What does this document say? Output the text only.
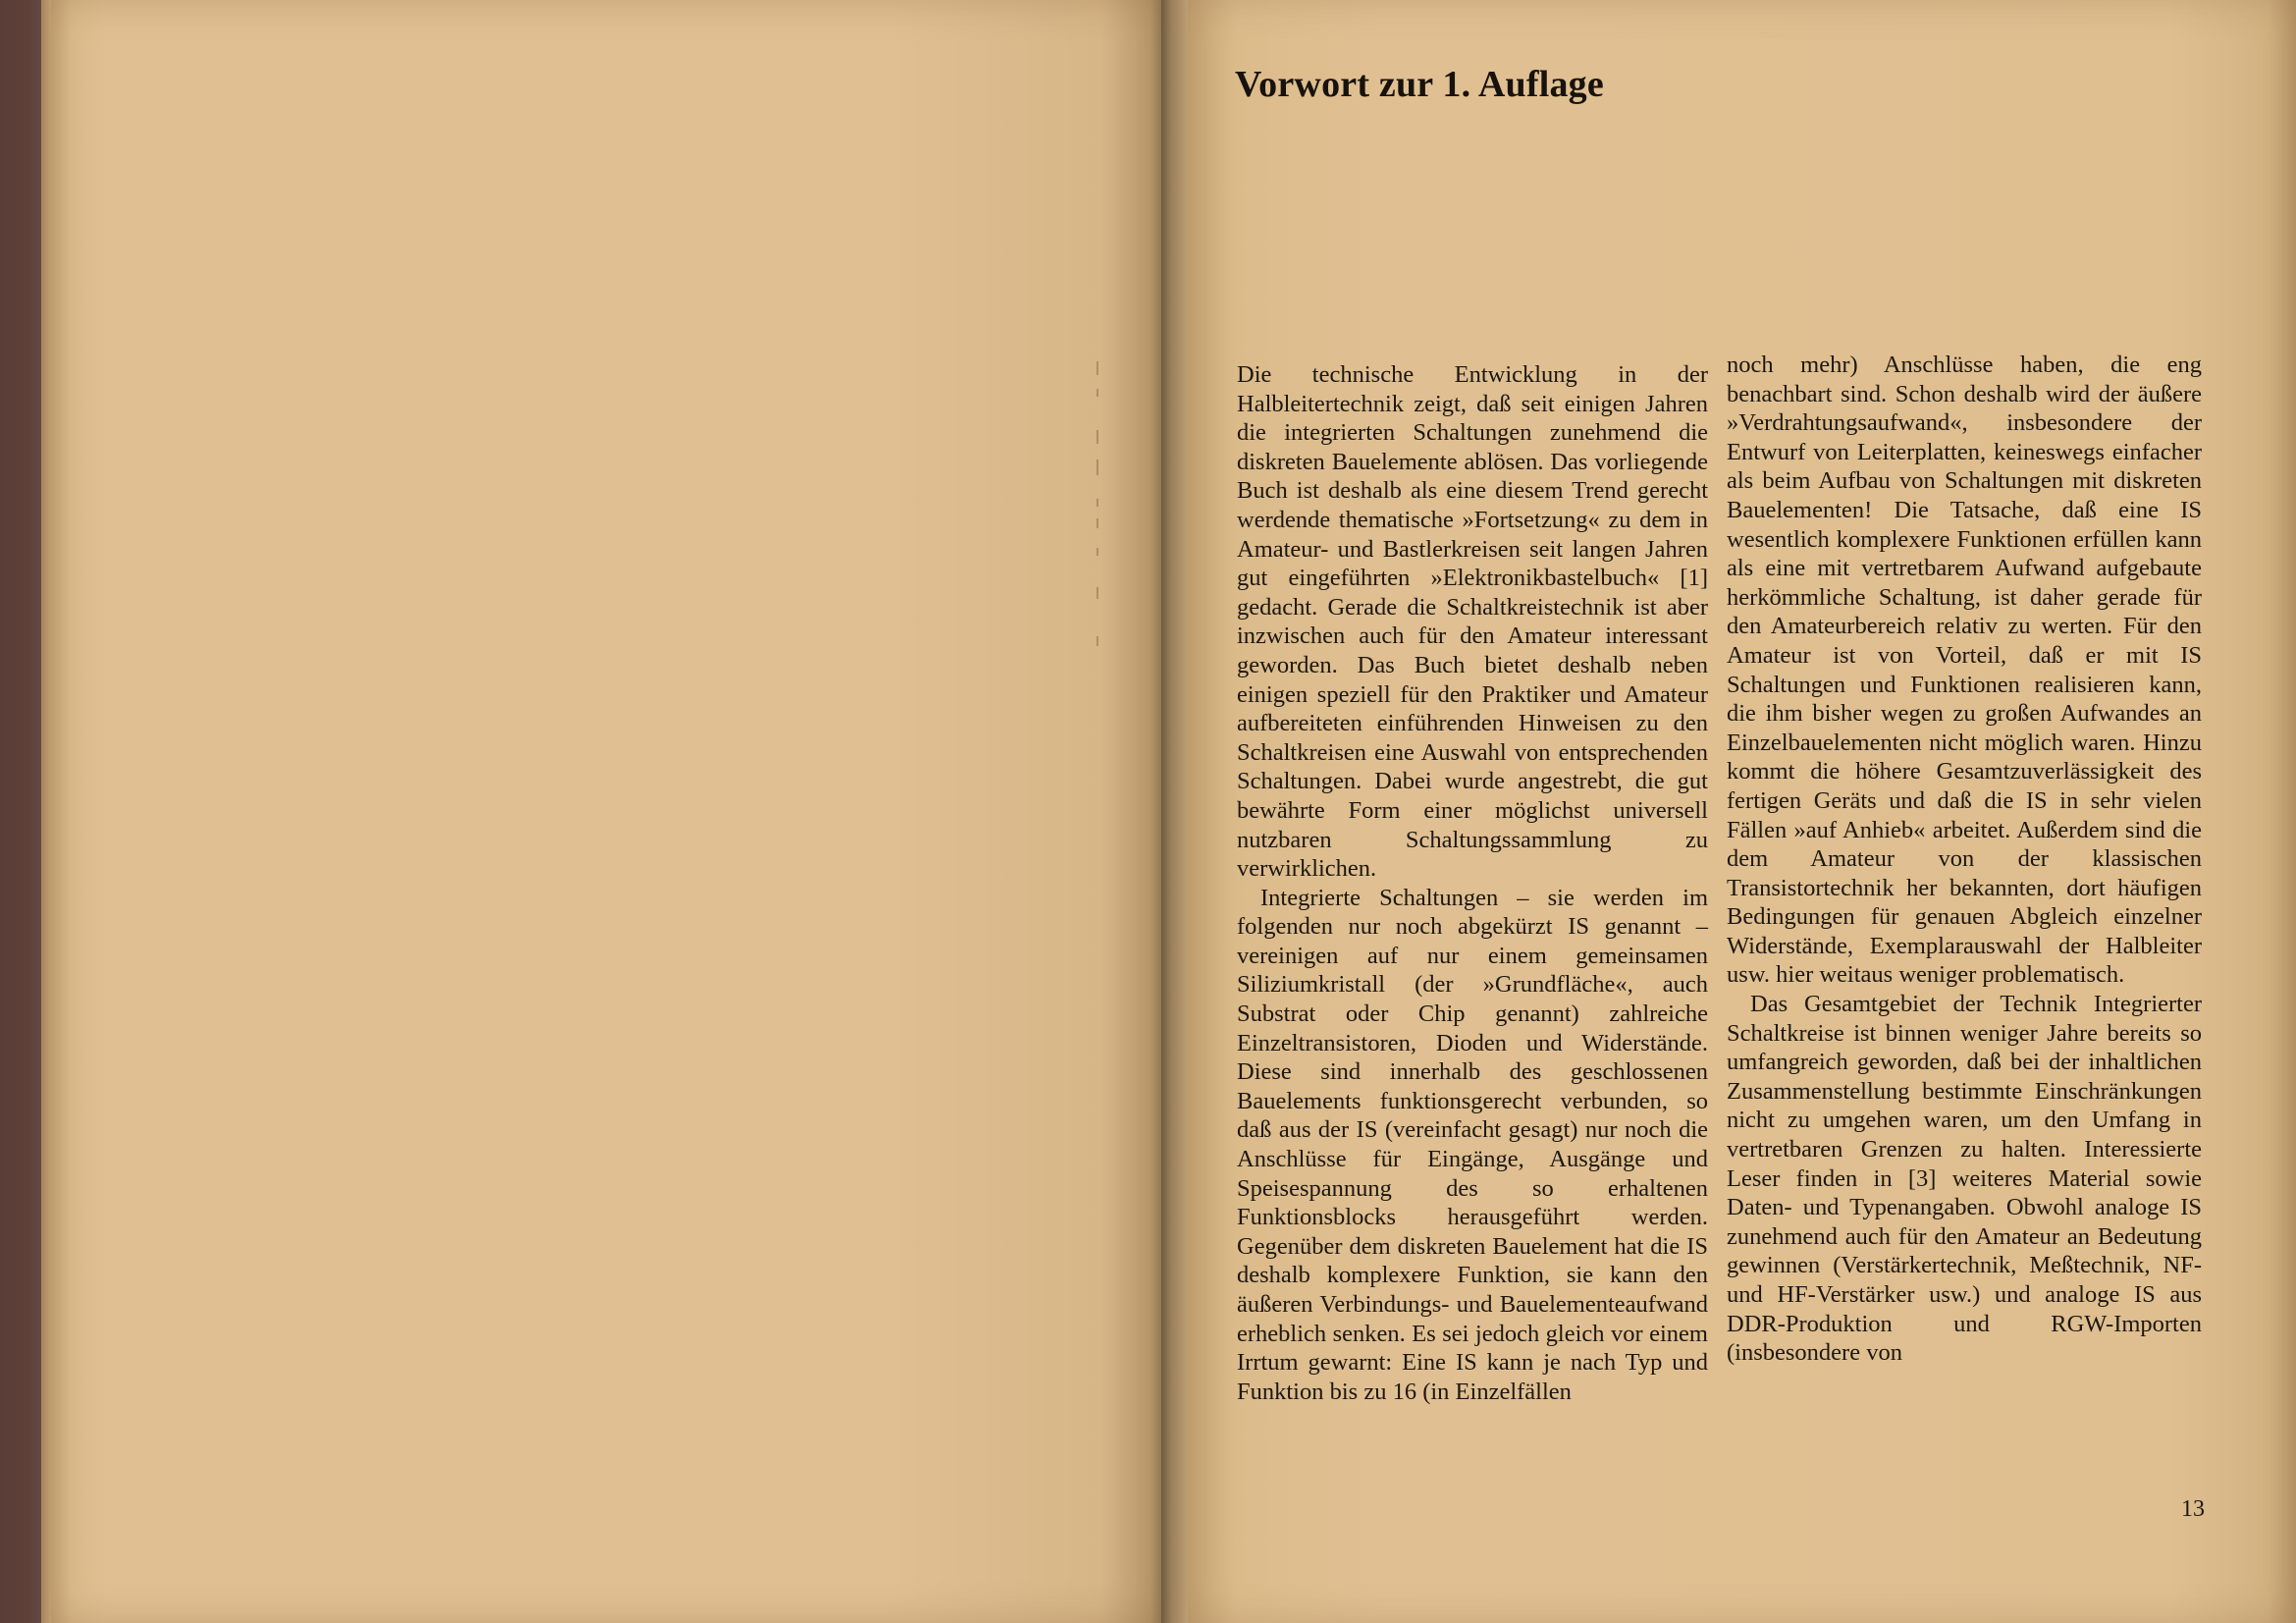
Vorwort zur 1. Auflage

Die technische Entwicklung in der Halbleitertechnik zeigt, daß seit einigen Jahren die integrierten Schaltungen zunehmend die diskreten Bauelemente ablösen. Das vorliegende Buch ist deshalb als eine diesem Trend gerecht werdende thematische »Fortsetzung« zu dem in Amateur- und Bastlerkreisen seit langen Jahren gut eingeführten »Elektronikbastelbuch« [1] gedacht. Gerade die Schaltkreistechnik ist aber inzwischen auch für den Amateur interessant geworden. Das Buch bietet deshalb neben einigen speziell für den Praktiker und Amateur aufbereiteten einführenden Hinweisen zu den Schaltkreisen eine Auswahl von entsprechenden Schaltungen. Dabei wurde angestrebt, die gut bewährte Form einer möglichst universell nutzbaren Schaltungssammlung zu verwirklichen.

Integrierte Schaltungen – sie werden im folgenden nur noch abgekürzt IS genannt – vereinigen auf nur einem gemeinsamen Siliziumkristall (der »Grundfläche«, auch Substrat oder Chip genannt) zahlreiche Einzeltransistoren, Dioden und Widerstände. Diese sind innerhalb des geschlossenen Bauelements funktionsgerecht verbunden, so daß aus der IS (vereinfacht gesagt) nur noch die Anschlüsse für Eingänge, Ausgänge und Speisespannung des so erhaltenen Funktionsblocks herausgeführt werden. Gegenüber dem diskreten Bauelement hat die IS deshalb komplexere Funktion, sie kann den äußeren Verbindungs- und Bauelementeaufwand erheblich senken. Es sei jedoch gleich vor einem Irrtum gewarnt: Eine IS kann je nach Typ und Funktion bis zu 16 (in Einzelfällen

noch mehr) Anschlüsse haben, die eng benachbart sind. Schon deshalb wird der äußere »Verdrahtungsaufwand«, insbesondere der Entwurf von Leiterplatten, keineswegs einfacher als beim Aufbau von Schaltungen mit diskreten Bauelementen! Die Tatsache, daß eine IS wesentlich komplexere Funktionen erfüllen kann als eine mit vertretbarem Aufwand aufgebaute herkömmliche Schaltung, ist daher gerade für den Amateurbereich relativ zu werten. Für den Amateur ist von Vorteil, daß er mit IS Schaltungen und Funktionen realisieren kann, die ihm bisher wegen zu großen Aufwandes an Einzelbauelementen nicht möglich waren. Hinzu kommt die höhere Gesamtzuverlässigkeit des fertigen Geräts und daß die IS in sehr vielen Fällen »auf Anhieb« arbeitet. Außerdem sind die dem Amateur von der klassischen Transistortechnik her bekannten, dort häufigen Bedingungen für genauen Abgleich einzelner Widerstände, Exemplarauswahl der Halbleiter usw. hier weitaus weniger problematisch.

Das Gesamtgebiet der Technik Integrierter Schaltkreise ist binnen weniger Jahre bereits so umfangreich geworden, daß bei der inhaltlichen Zusammenstellung bestimmte Einschränkungen nicht zu umgehen waren, um den Umfang in vertretbaren Grenzen zu halten. Interessierte Leser finden in [3] weiteres Material sowie Daten- und Typenangaben. Obwohl analoge IS zunehmend auch für den Amateur an Bedeutung gewinnen (Verstärkertechnik, Meßtechnik, NF- und HF-Verstärker usw.) und analoge IS aus DDR-Produktion und RGW-Importen (insbesondere von

13
